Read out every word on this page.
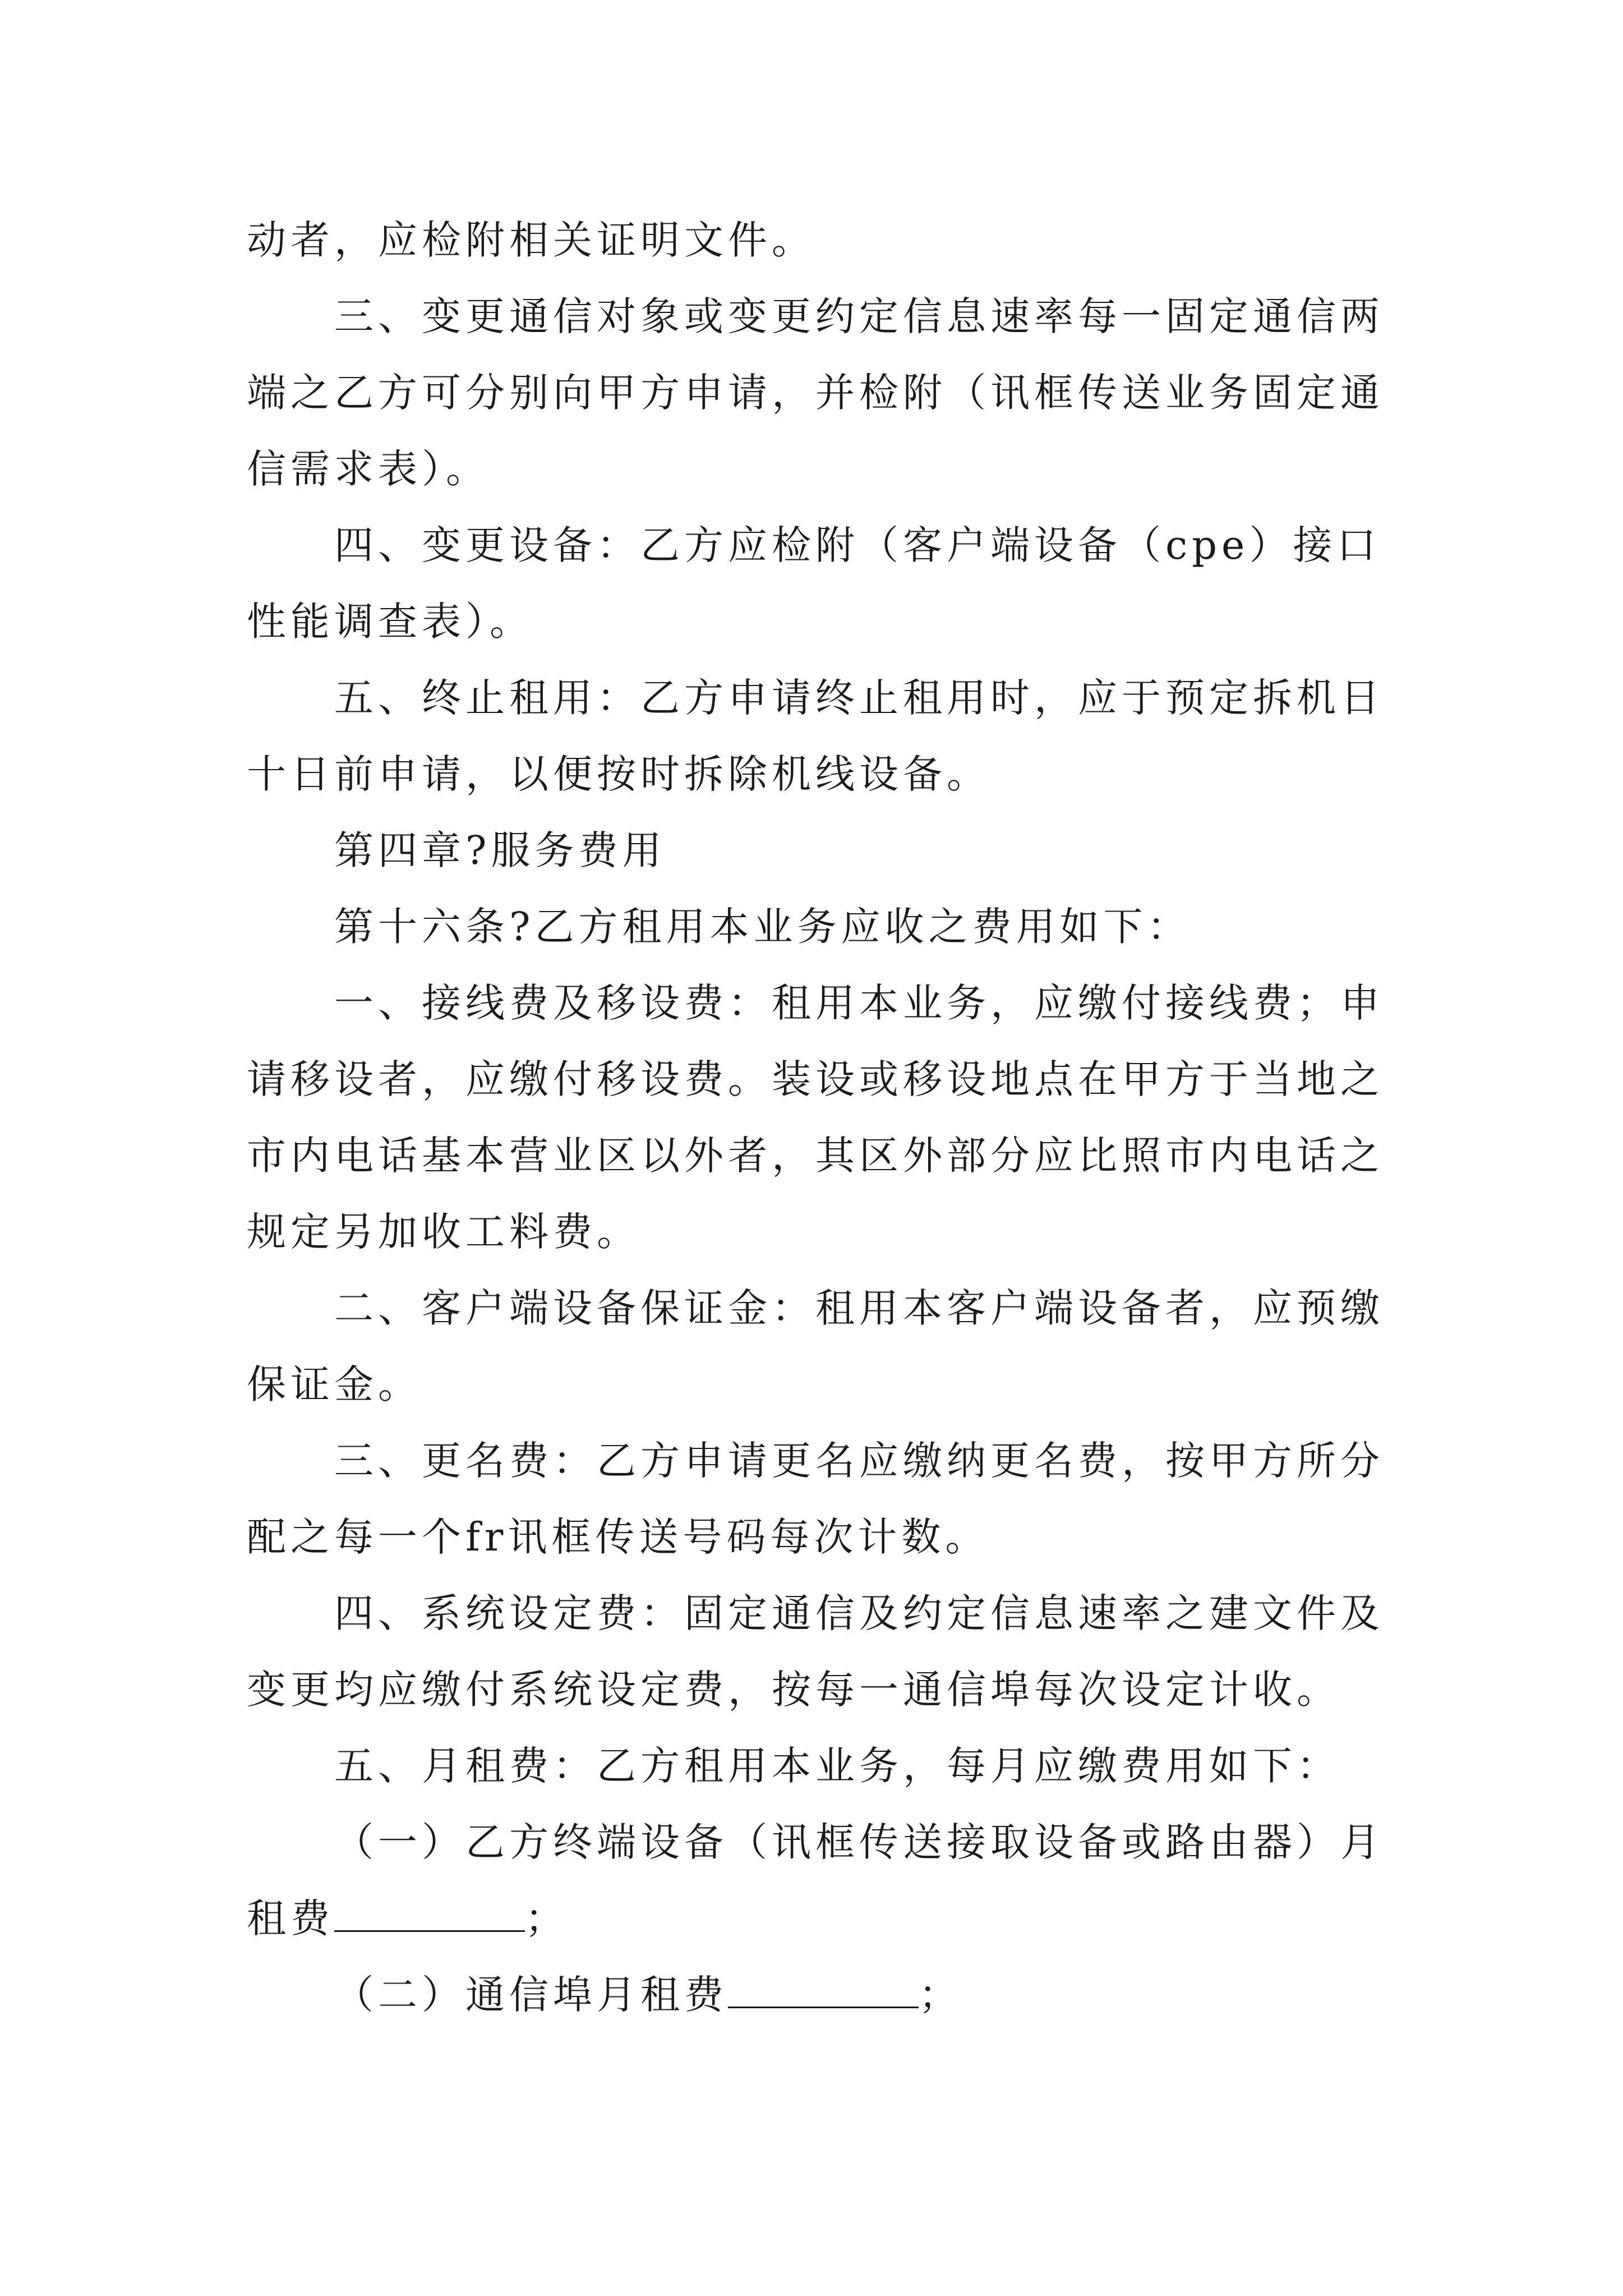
动者，应检附相关证明文件。
三、变更通信对象或变更约定信息速率每一固定通信两
端之乙方可分别向甲方申请，并检附（讯框传送业务固定通
信需求表）。
四、变更设备：乙方应检附（客户端设备（cpe）接口
性能调查表）。
五、终止租用：乙方申请终止租用时，应于预定拆机日
十日前申请，以便按时拆除机线设备。
第四章?服务费用
第十六条?乙方租用本业务应收之费用如下：
一、接线费及移设费：租用本业务，应缴付接线费；申
请移设者，应缴付移设费。装设或移设地点在甲方于当地之
市内电话基本营业区以外者，其区外部分应比照市内电话之
规定另加收工料费。
二、客户端设备保证金：租用本客户端设备者，应预缴
保证金。
三、更名费：乙方申请更名应缴纳更名费，按甲方所分
配之每一个fr讯框传送号码每次计数。
四、系统设定费：固定通信及约定信息速率之建文件及
变更均应缴付系统设定费，按每一通信埠每次设定计收。
五、月租费：乙方租用本业务，每月应缴费用如下：
（一）乙方终端设备（讯框传送接取设备或路由器）月
租费	；
（二）通信埠月租费	；
